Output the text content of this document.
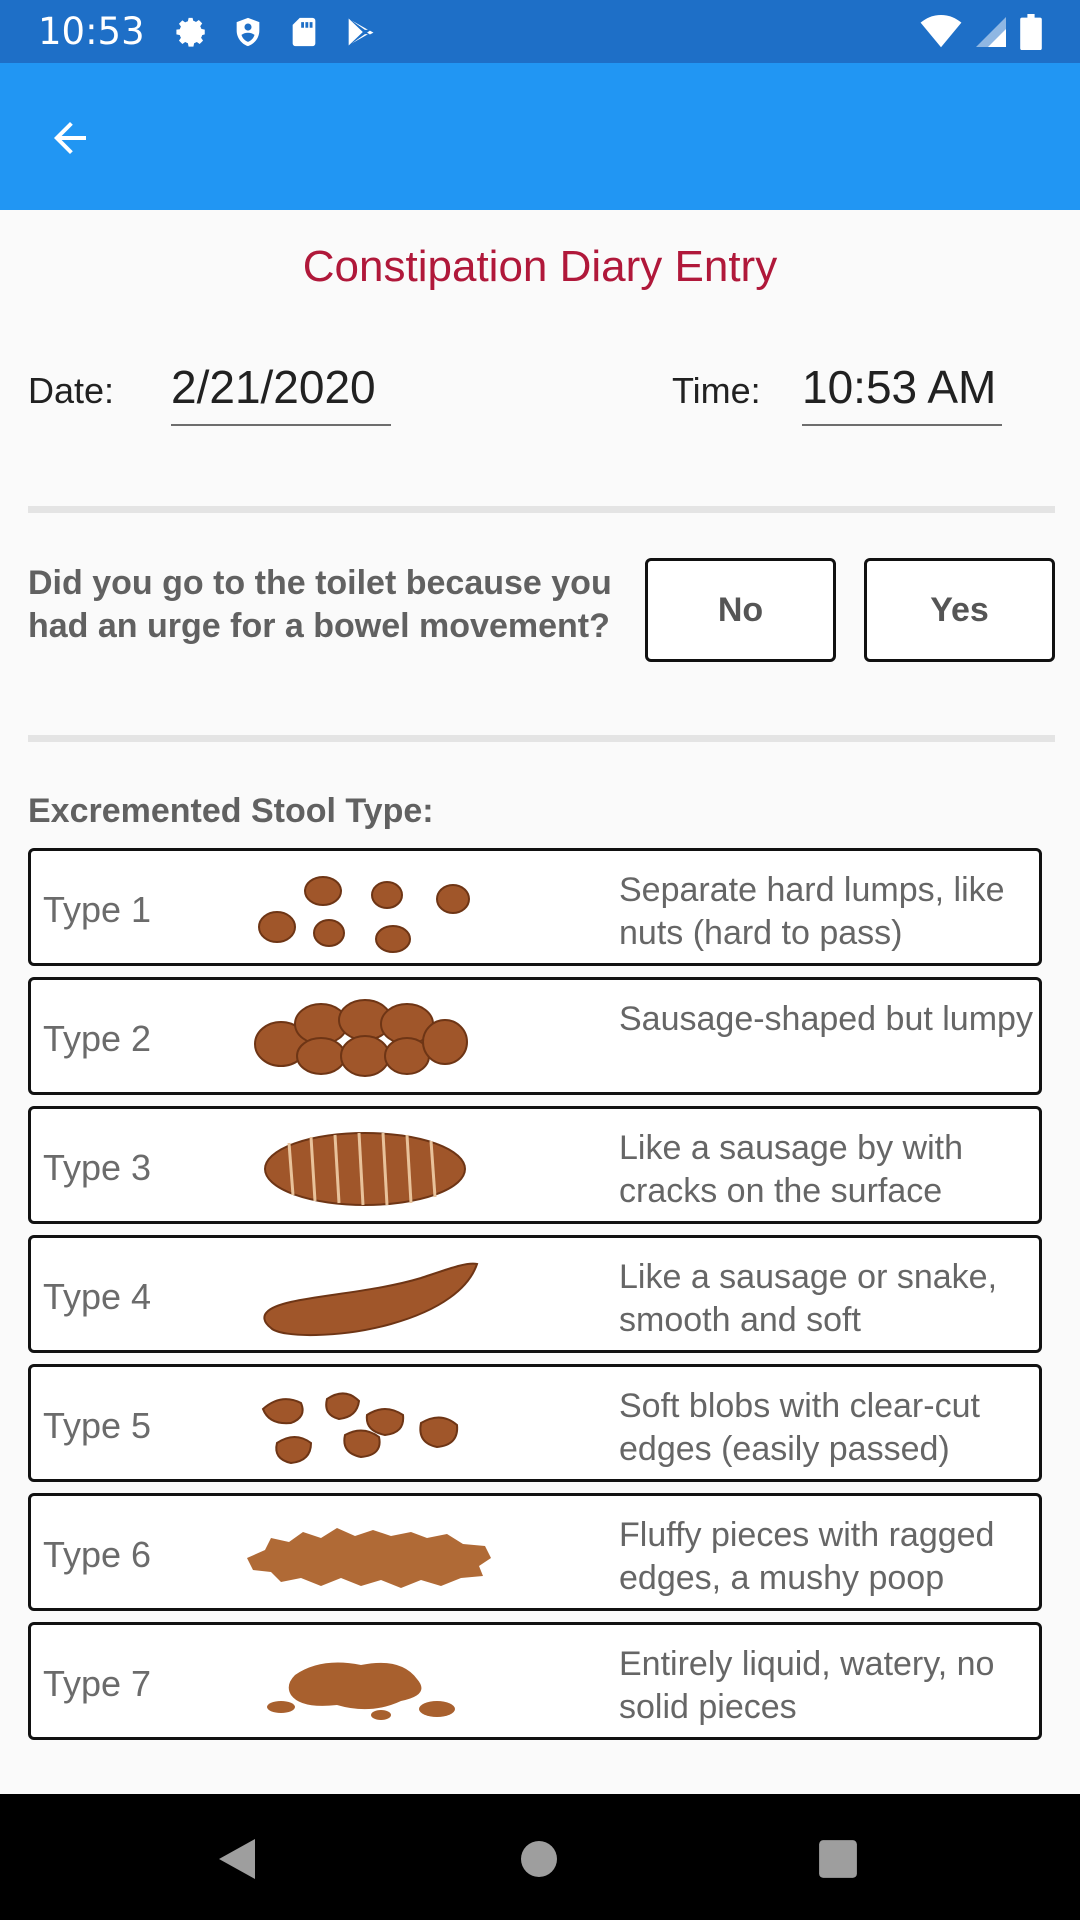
10:53
Constipation Diary Entry
Date: 2/21/2020	Time: 10:53 AM
Did you go to the toilet because you had an urge for a bowel movement?	No	Yes
Excremented Stool Type:
Type 1	Separate hard lumps, like nuts (hard to pass)
Type 2	Sausage-shaped but lumpy
Type 3	Like a sausage by with cracks on the surface
Type 4	Like a sausage or snake, smooth and soft
Type 5	Soft blobs with clear-cut edges (easily passed)
Type 6	Fluffy pieces with ragged edges, a mushy poop
Type 7	Entirely liquid, watery, no solid pieces
